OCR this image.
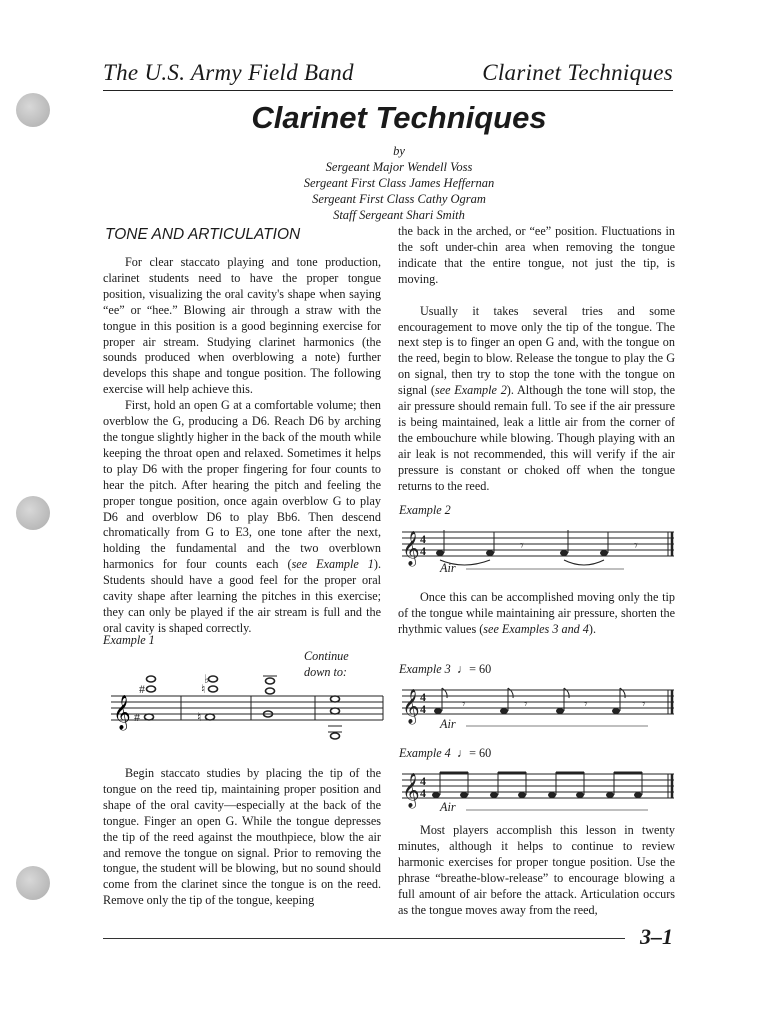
The U.S. Army Field Band	Clarinet Techniques
Clarinet Techniques
by
Sergeant Major Wendell Voss
Sergeant First Class James Heffernan
Sergeant First Class Cathy Ogram
Staff Sergeant Shari Smith
TONE AND ARTICULATION

For clear staccato playing and tone production, clarinet students need to have the proper tongue position, visualizing the oral cavity's shape when saying “ee” or “hee.” Blowing air through a straw with the tongue in this position is a good beginning exercise for proper air stream. Studying clarinet harmonics (the sounds produced when overblowing a note) further develops this shape and tongue position. The following exercise will help achieve this.

First, hold an open G at a comfortable volume; then overblow the G, producing a D6. Reach D6 by arching the tongue slightly higher in the back of the mouth while keeping the throat open and relaxed. Sometimes it helps to play D6 with the proper fingering for four counts to hear the pitch. After hearing the pitch and feeling the proper tongue position, once again overblow G to play D6 and overblow D6 to play Bb6. Then descend chromatically from G to E3, one tone after the next, holding the fundamental and the two overblown harmonics for four counts each (see Example 1). Students should have a good feel for the proper oral cavity shape after learning the pitches in this exercise; they can only be played if the air stream is full and the oral cavity is shaped correctly.

Example 1
Continue
down to:
𝄞
#
#
♭
♮
♮

Begin staccato studies by placing the tip of the tongue on the reed tip, maintaining proper position and shape of the oral cavity—especially at the back of the tongue. Finger an open G. While the tongue depresses the tip of the reed against the mouthpiece, blow the air and remove the tongue on signal. Prior to removing the tongue, the student will be blowing, but no sound should come from the clarinet since the tongue is on the reed. Remove only the tip of the tongue, keeping

the back in the arched, or “ee” position. Fluctuations in the soft under-chin area when removing the tongue indicate that the entire tongue, not just the tip, is moving.

Usually it takes several tries and some encouragement to move only the tip of the tongue. The next step is to finger an open G and, with the tongue on the reed, begin to blow. Release the tongue to play the G on signal, then try to stop the tone with the tongue on signal (see Example 2). Although the tone will stop, the air pressure should remain full. To see if the air pressure is being maintained, leak a little air from the corner of the embouchure while blowing. Though playing with an air leak is not recommended, this will verify if the air pressure is constant or choked off when the tongue returns to the reed.

Example 2
𝄞 4
4	𝄾	𝄾
Air

Once this can be accomplished moving only the tip of the tongue while maintaining air pressure, shorten the rhythmic values (see Examples 3 and 4).

Example 3 ♩= 60
𝄞 4
4	𝄾	𝄾	𝄾	𝄾
Air
Example 4 ♩= 60
𝄞 4
4
Air

Most players accomplish this lesson in twenty minutes, although it helps to continue to review harmonic exercises for proper tongue position. Use the phrase “breathe-blow-release” to encourage blowing a full amount of air before the attack. Articulation occurs as the tongue moves away from the reed,

3–1
